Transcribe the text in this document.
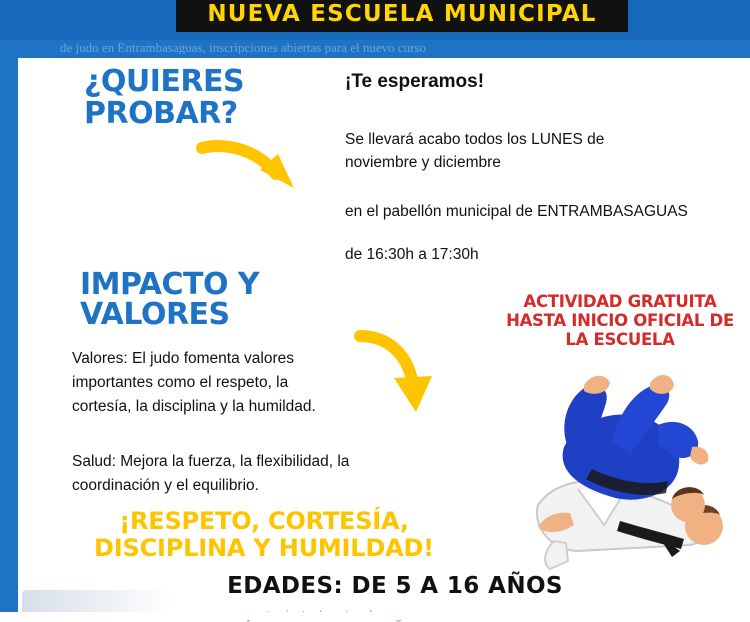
de judo en Entrambasaguas, inscripciones abiertas para el nuevo curso
NUEVA ESCUELA MUNICIPAL
¿QUIERES PROBAR?
IMPACTO Y VALORES
Valores: El judo fomenta valores importantes como el respeto, la cortesía, la disciplina y la humildad.
Salud: Mejora la fuerza, la flexibilidad, la coordinación y el equilibrio.
¡RESPETO, CORTESÍA, DISCIPLINA Y HUMILDAD!
¡Te esperamos!
Se llevará acabo todos los LUNES de noviembre y diciembre
en el pabellón municipal de ENTRAMBASAGUAS
de 16:30h a 17:30h
ACTIVIDAD GRATUITA HASTA INICIO OFICIAL DE LA ESCUELA
EDADES: DE 5 A 16 AÑOS
